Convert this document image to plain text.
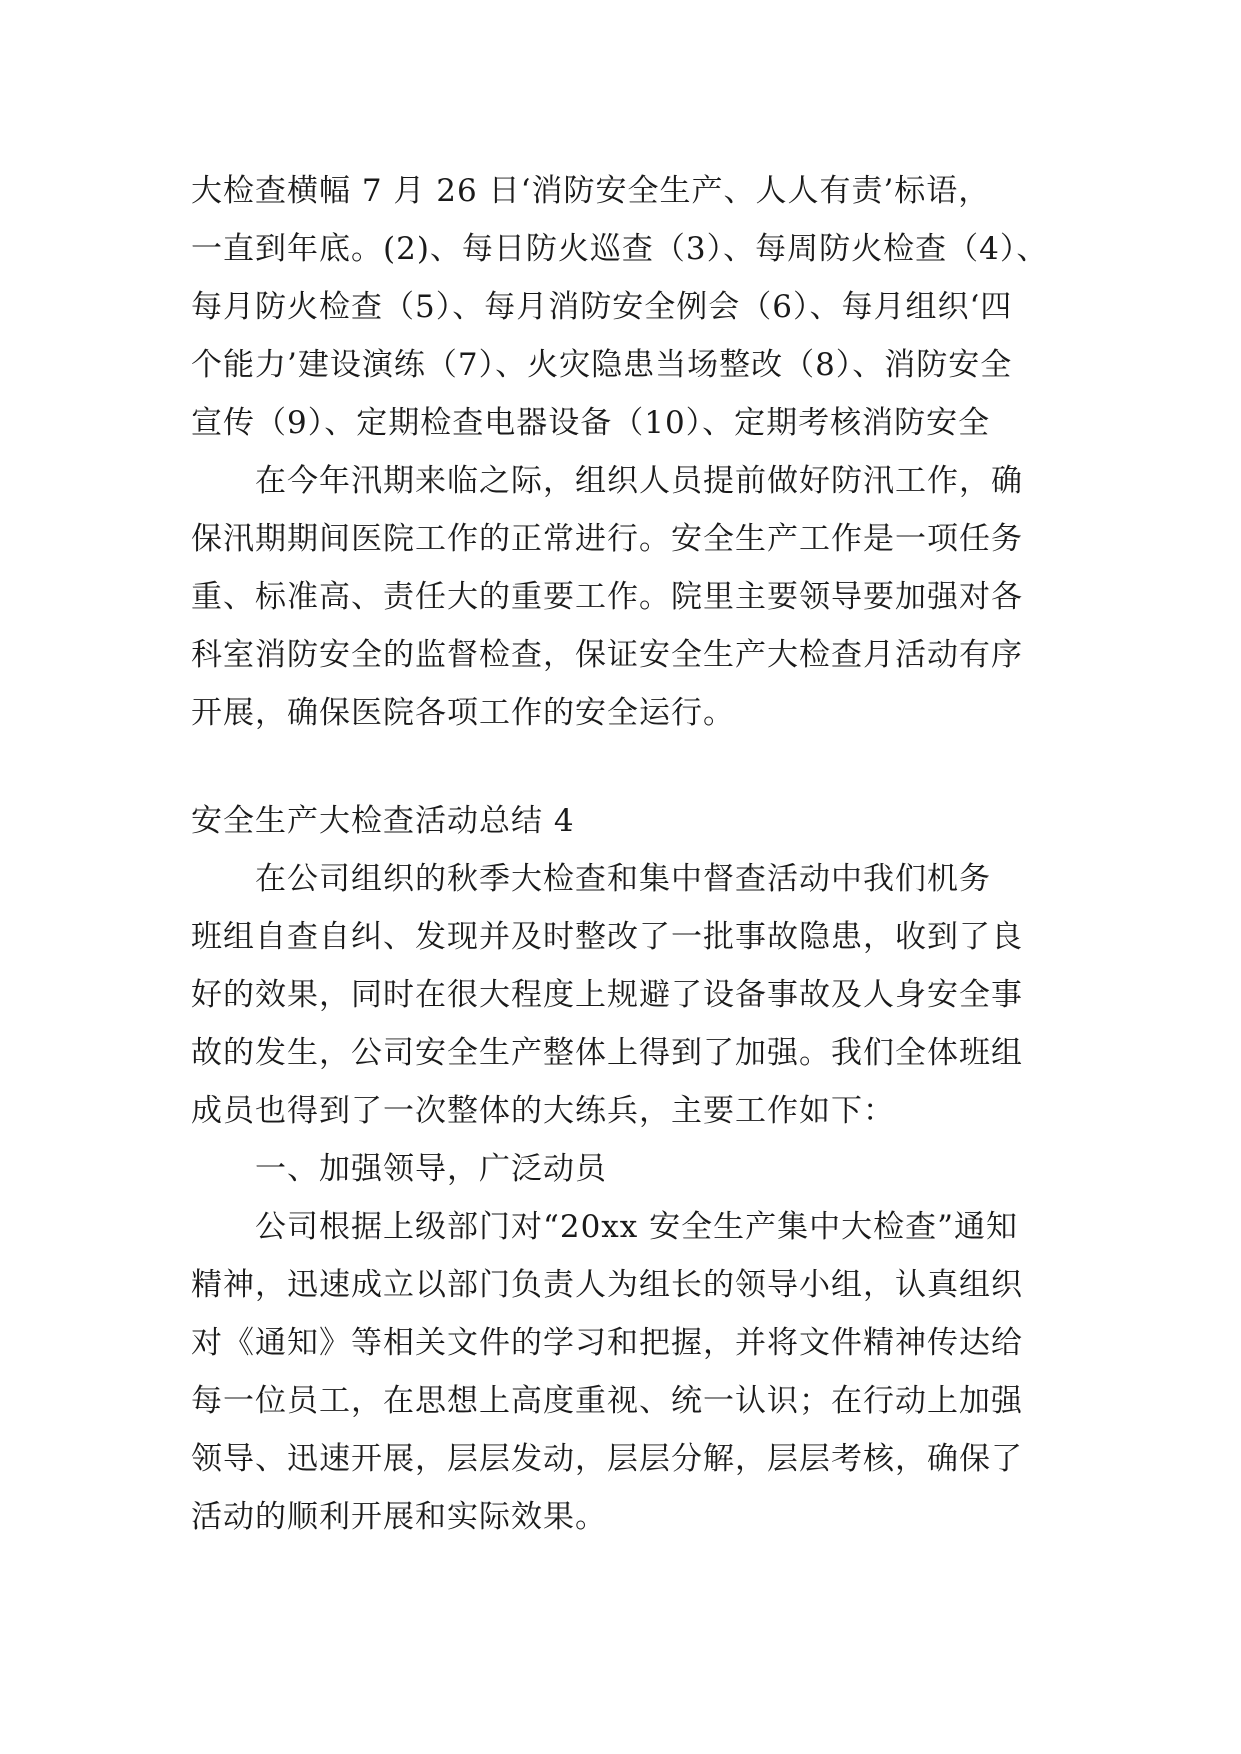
大检查横幅 7 月 26 日‘消防安全生产、人人有责’标语，
一直到年底。(2)、每日防火巡查（3）、每周防火检查（4）、
每月防火检查（5）、每月消防安全例会（6）、每月组织‘四
个能力’建设演练（7）、火灾隐患当场整改（8）、消防安全
宣传（9）、定期检查电器设备（10）、定期考核消防安全
在今年汛期来临之际，组织人员提前做好防汛工作，确
保汛期期间医院工作的正常进行。安全生产工作是一项任务
重、标准高、责任大的重要工作。院里主要领导要加强对各
科室消防安全的监督检查，保证安全生产大检查月活动有序
开展，确保医院各项工作的安全运行。
安全生产大检查活动总结 4
在公司组织的秋季大检查和集中督查活动中我们机务
班组自查自纠、发现并及时整改了一批事故隐患，收到了良
好的效果，同时在很大程度上规避了设备事故及人身安全事
故的发生，公司安全生产整体上得到了加强。我们全体班组
成员也得到了一次整体的大练兵，主要工作如下：
一、加强领导，广泛动员
公司根据上级部门对“20xx 安全生产集中大检查”通知
精神，迅速成立以部门负责人为组长的领导小组，认真组织
对《通知》等相关文件的学习和把握，并将文件精神传达给
每一位员工，在思想上高度重视、统一认识；在行动上加强
领导、迅速开展，层层发动，层层分解，层层考核，确保了
活动的顺利开展和实际效果。
